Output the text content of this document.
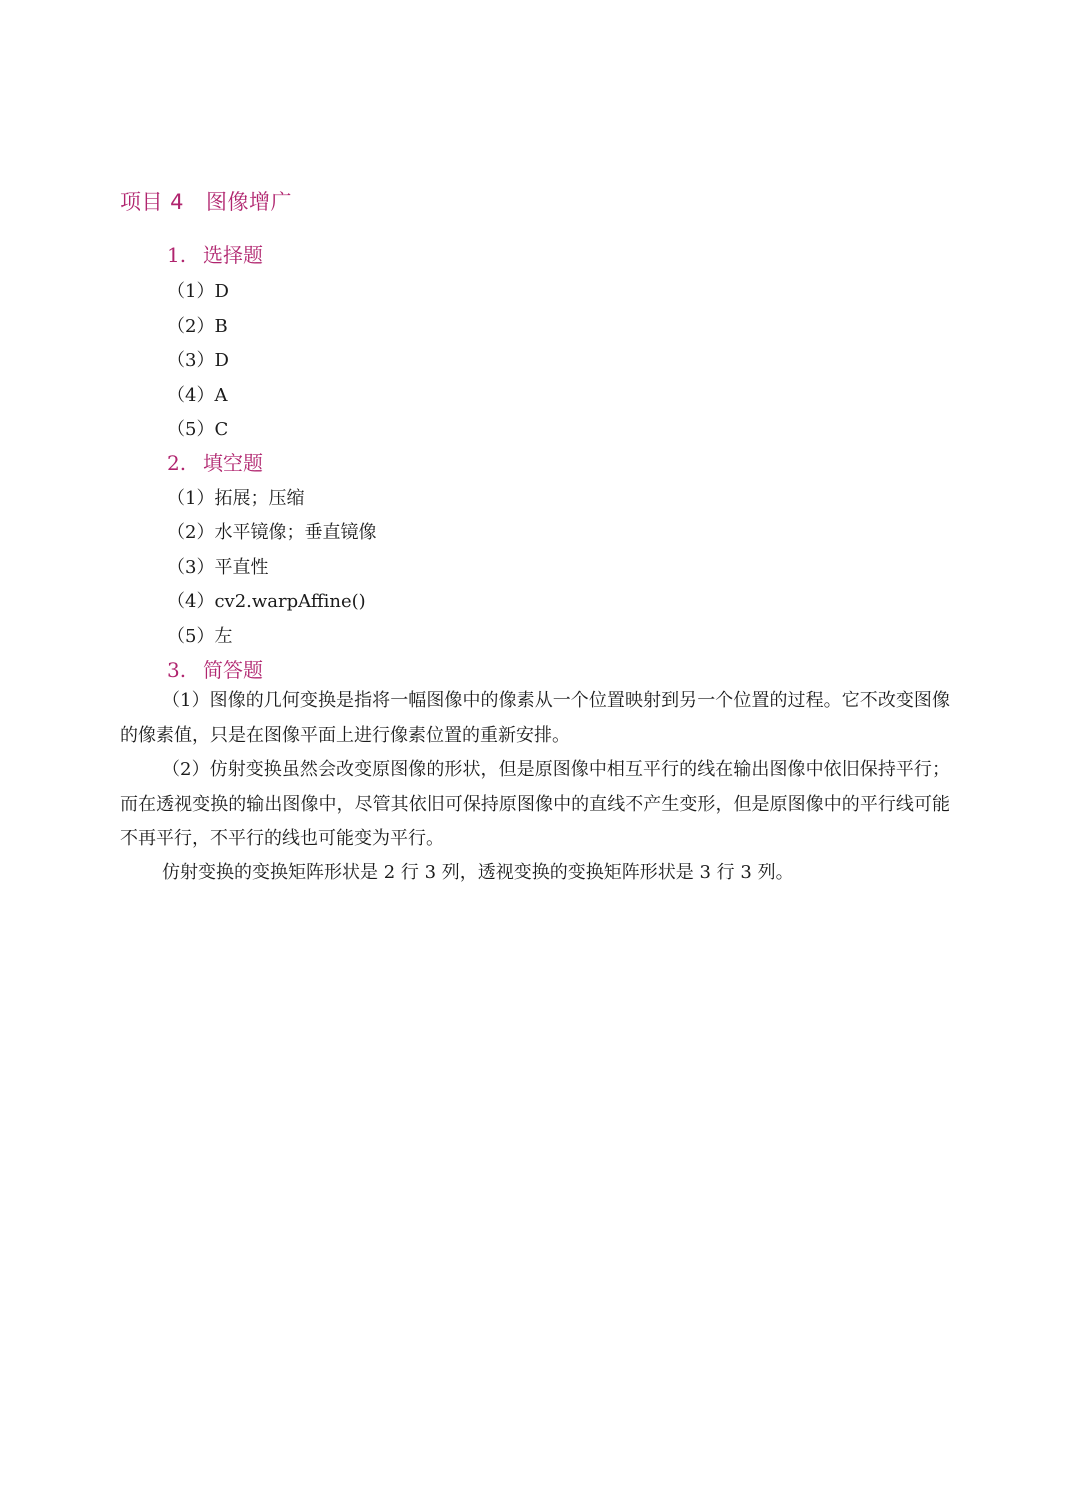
项目 4 图像增广
1. 选择题
（1）D
（2）B
（3）D
（4）A
（5）C
2. 填空题
（1）拓展；压缩
（2）水平镜像；垂直镜像
（3）平直性
（4）cv2.warpAffine()
（5）左
3. 简答题
（1）图像的几何变换是指将一幅图像中的像素从一个位置映射到另一个位置的过程。它不改变图像的像素值，只是在图像平面上进行像素位置的重新安排。
（2）仿射变换虽然会改变原图像的形状，但是原图像中相互平行的线在输出图像中依旧保持平行；而在透视变换的输出图像中，尽管其依旧可保持原图像中的直线不产生变形，但是原图像中的平行线可能不再平行，不平行的线也可能变为平行。
仿射变换的变换矩阵形状是 2 行 3 列，透视变换的变换矩阵形状是 3 行 3 列。
